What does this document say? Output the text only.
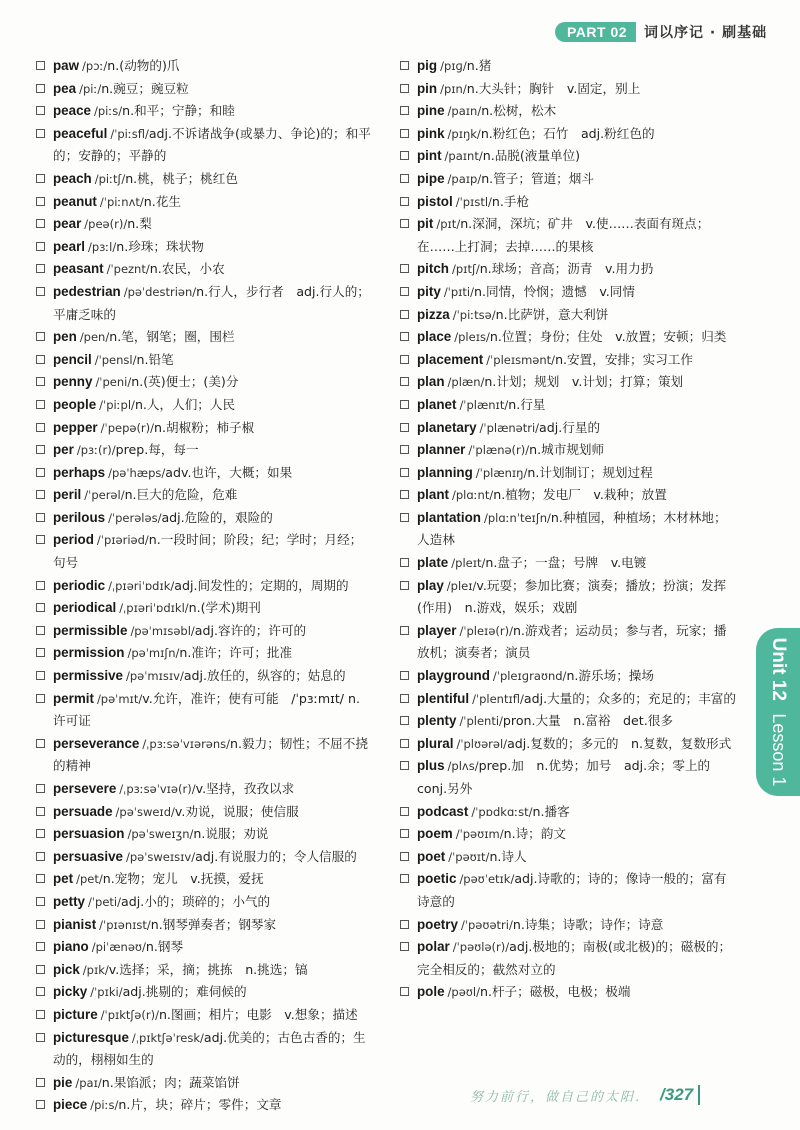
PART 02	词以序记 · 刷基础
paw /pɔː/n.(动物的)爪
pea /piː/n.豌豆；豌豆粒
peace /piːs/n.和平；宁静；和睦
peaceful /ˈpiːsfl/adj.不诉诸战争(或暴力、争论)的；和平的；安静的；平静的
peach /piːtʃ/n.桃，桃子；桃红色
peanut /ˈpiːnʌt/n.花生
pear /peə(r)/n.梨
pearl /pɜːl/n.珍珠；珠状物
peasant /ˈpeznt/n.农民，小农
pedestrian /pəˈdestriən/n.行人，步行者　adj.行人的；平庸乏味的
pen /pen/n.笔，钢笔；圈，围栏
pencil /ˈpensl/n.铅笔
penny /ˈpeni/n.(英)便士；(美)分
people /ˈpiːpl/n.人，人们；人民
pepper /ˈpepə(r)/n.胡椒粉；柿子椒
per /pɜː(r)/prep.每，每一
perhaps /pəˈhæps/adv.也许，大概；如果
peril /ˈperəl/n.巨大的危险，危难
perilous /ˈperələs/adj.危险的，艰险的
period /ˈpɪəriəd/n.一段时间；阶段；纪；学时；月经；句号
periodic /ˌpɪəriˈɒdɪk/adj.间发性的；定期的，周期的
periodical /ˌpɪəriˈɒdɪkl/n.(学术)期刊
permissible /pəˈmɪsəbl/adj.容许的；许可的
permission /pəˈmɪʃn/n.准许；许可；批准
permissive /pəˈmɪsɪv/adj.放任的，纵容的；姑息的
permit /pəˈmɪt/v.允许，准许；使有可能　/ˈpɜːmɪt/ n.许可证
perseverance /ˌpɜːsəˈvɪərəns/n.毅力；韧性；不屈不挠的精神
persevere /ˌpɜːsəˈvɪə(r)/v.坚持，孜孜以求
persuade /pəˈsweɪd/v.劝说，说服；使信服
persuasion /pəˈsweɪʒn/n.说服；劝说
persuasive /pəˈsweɪsɪv/adj.有说服力的；令人信服的
pet /pet/n.宠物；宠儿　v.抚摸，爱抚
petty /ˈpeti/adj.小的；琐碎的；小气的
pianist /ˈpɪənɪst/n.钢琴弹奏者；钢琴家
piano /piˈænəʊ/n.钢琴
pick /pɪk/v.选择；采，摘；挑拣　n.挑选；镐
picky /ˈpɪki/adj.挑剔的；难伺候的
picture /ˈpɪktʃə(r)/n.图画；相片；电影　v.想象；描述
picturesque /ˌpɪktʃəˈresk/adj.优美的；古色古香的；生动的，栩栩如生的
pie /paɪ/n.果馅派；肉；蔬菜馅饼
piece /piːs/n.片，块；碎片；零件；文章
pig /pɪɡ/n.猪
pin /pɪn/n.大头针；胸针　v.固定，别上
pine /paɪn/n.松树，松木
pink /pɪŋk/n.粉红色；石竹　adj.粉红色的
pint /paɪnt/n.品脱(液量单位)
pipe /paɪp/n.管子；管道；烟斗
pistol /ˈpɪstl/n.手枪
pit /pɪt/n.深洞，深坑；矿井　v.使……表面有斑点；在……上打洞；去掉……的果核
pitch /pɪtʃ/n.球场；音高；沥青　v.用力扔
pity /ˈpɪti/n.同情，怜悯；遗憾　v.同情
pizza /ˈpiːtsə/n.比萨饼，意大利饼
place /pleɪs/n.位置；身份；住处　v.放置；安顿；归类
placement /ˈpleɪsmənt/n.安置，安排；实习工作
plan /plæn/n.计划；规划　v.计划；打算；策划
planet /ˈplænɪt/n.行星
planetary /ˈplænətri/adj.行星的
planner /ˈplænə(r)/n.城市规划师
planning /ˈplænɪŋ/n.计划制订；规划过程
plant /plɑːnt/n.植物；发电厂　v.栽种；放置
plantation /plɑːnˈteɪʃn/n.种植园，种植场；木材林地；人造林
plate /pleɪt/n.盘子；一盘；号牌　v.电镀
play /pleɪ/v.玩耍；参加比赛；演奏；播放；扮演；发挥(作用)　n.游戏，娱乐；戏剧
player /ˈpleɪə(r)/n.游戏者；运动员；参与者，玩家；播放机；演奏者；演员
playground /ˈpleɪɡraʊnd/n.游乐场；操场
plentiful /ˈplentɪfl/adj.大量的；众多的；充足的；丰富的
plenty /ˈplenti/pron.大量　n.富裕　det.很多
plural /ˈplʊərəl/adj.复数的；多元的　n.复数，复数形式
plus /plʌs/prep.加　n.优势；加号　adj.余；零上的　conj.另外
podcast /ˈpɒdkɑːst/n.播客
poem /ˈpəʊɪm/n.诗；韵文
poet /ˈpəʊɪt/n.诗人
poetic /pəʊˈetɪk/adj.诗歌的；诗的；像诗一般的；富有诗意的
poetry /ˈpəʊətri/n.诗集；诗歌；诗作；诗意
polar /ˈpəʊlə(r)/adj.极地的；南极(或北极)的；磁极的；完全相反的；截然对立的
pole /pəʊl/n.杆子；磁极，电极；极端
Unit 12 Lesson 1
努力前行，做自己的太阳． /327
